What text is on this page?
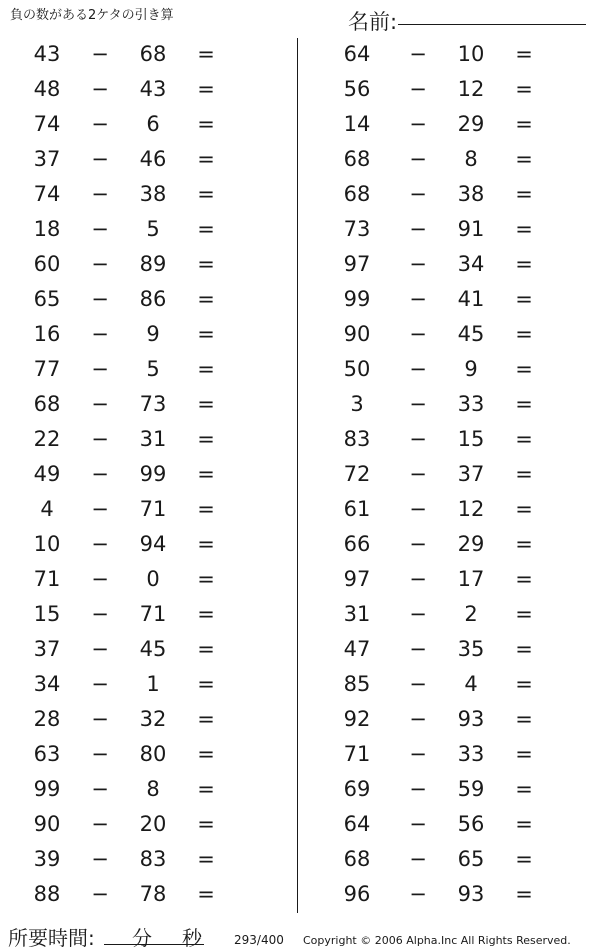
負の数がある2ケタの引き算	名前:
43	−	68	=
48	−	43	=
74	−	6	=
37	−	46	=
74	−	38	=
18	−	5	=
60	−	89	=
65	−	86	=
16	−	9	=
77	−	5	=
68	−	73	=
22	−	31	=
49	−	99	=
4	−	71	=
10	−	94	=
71	−	0	=
15	−	71	=
37	−	45	=
34	−	1	=
28	−	32	=
63	−	80	=
99	−	8	=
90	−	20	=
39	−	83	=
88	−	78	=
64	−	10	=
56	−	12	=
14	−	29	=
68	−	8	=
68	−	38	=
73	−	91	=
97	−	34	=
99	−	41	=
90	−	45	=
50	−	9	=
3	−	33	=
83	−	15	=
72	−	37	=
61	−	12	=
66	−	29	=
97	−	17	=
31	−	2	=
47	−	35	=
85	−	4	=
92	−	93	=
71	−	33	=
69	−	59	=
64	−	56	=
68	−	65	=
96	−	93	=
所要時間: 分 秒	293/400 Copyright © 2006 Alpha.Inc All Rights Reserved.
